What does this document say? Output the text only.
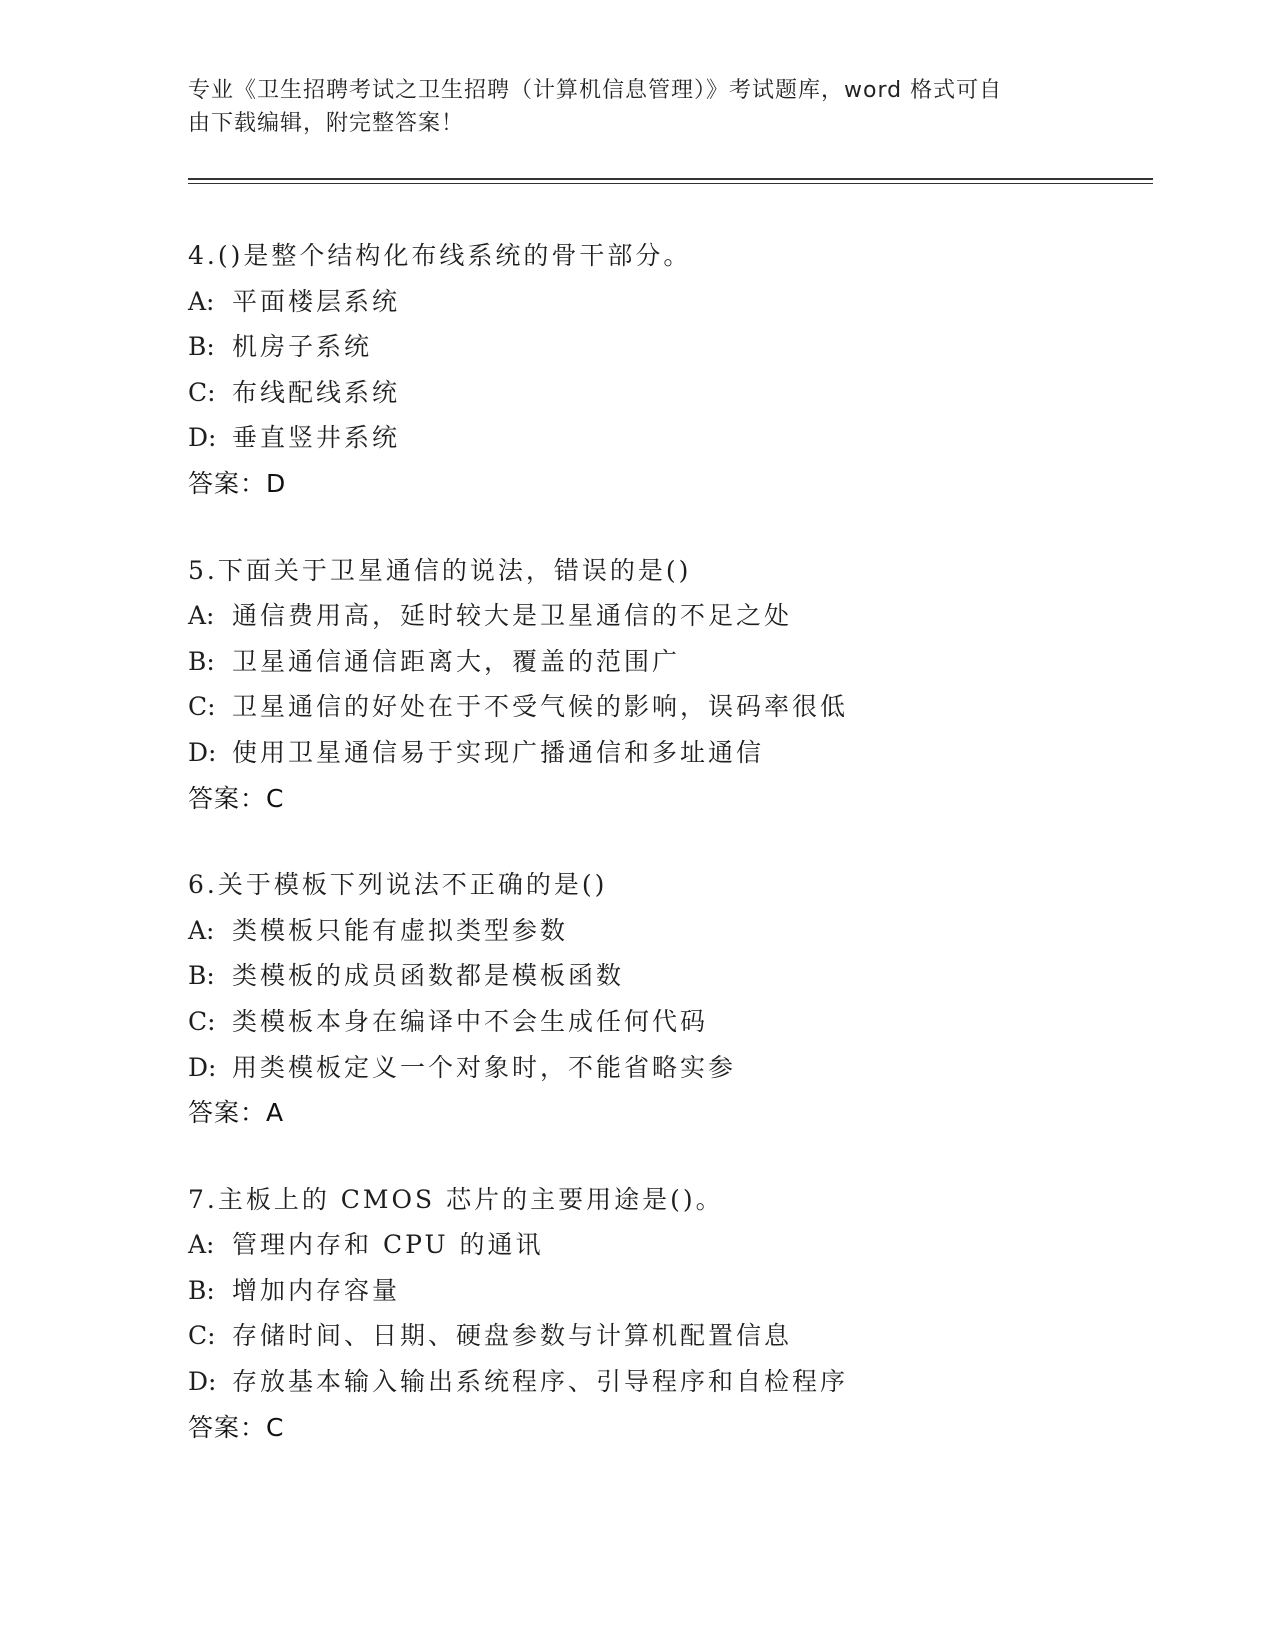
专业《卫生招聘考试之卫生招聘（计算机信息管理）》考试题库，word 格式可自
由下载编辑，附完整答案！
4.()是整个结构化布线系统的骨干部分。
A: 平面楼层系统
B: 机房子系统
C: 布线配线系统
D: 垂直竖井系统
答案：D
5.下面关于卫星通信的说法，错误的是()
A: 通信费用高，延时较大是卫星通信的不足之处
B: 卫星通信通信距离大，覆盖的范围广
C: 卫星通信的好处在于不受气候的影响，误码率很低
D: 使用卫星通信易于实现广播通信和多址通信
答案：C
6.关于模板下列说法不正确的是()
A: 类模板只能有虚拟类型参数
B: 类模板的成员函数都是模板函数
C: 类模板本身在编译中不会生成任何代码
D: 用类模板定义一个对象时，不能省略实参
答案：A
7.主板上的 CMOS 芯片的主要用途是()。
A: 管理内存和 CPU 的通讯
B: 增加内存容量
C: 存储时间、日期、硬盘参数与计算机配置信息
D: 存放基本输入输出系统程序、引导程序和自检程序
答案：C
